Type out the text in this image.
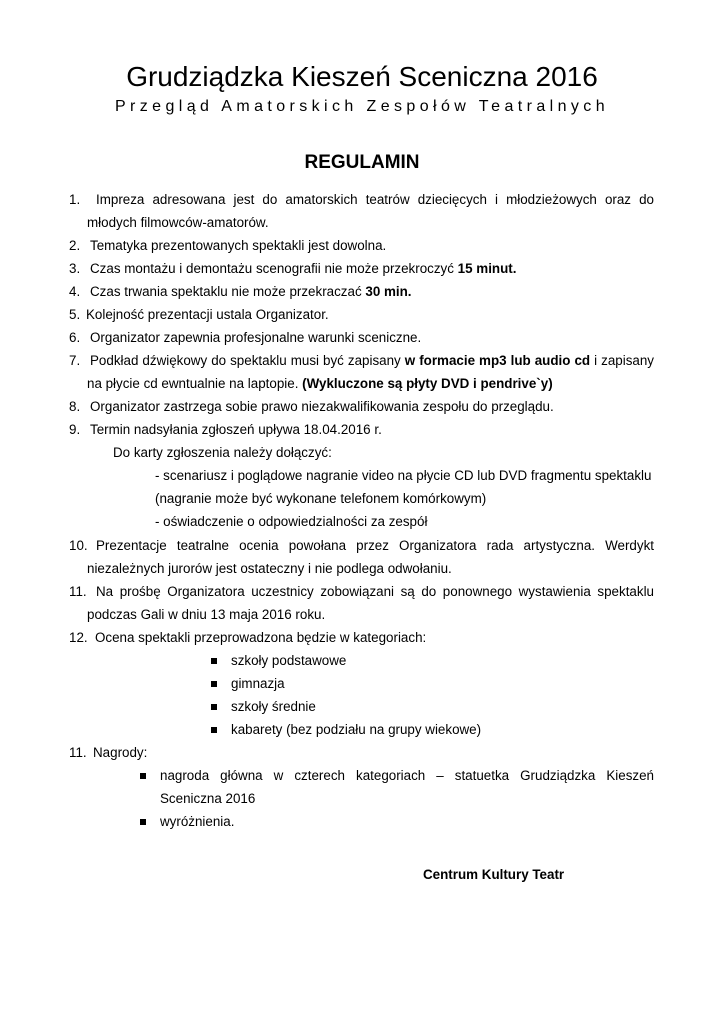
Grudziądzka Kieszeń Sceniczna 2016
Przegląd Amatorskich Zespołów Teatralnych
REGULAMIN
1. Impreza adresowana jest do amatorskich teatrów dziecięcych i młodzieżowych oraz do
młodych filmowców-amatorów.
2. Tematyka prezentowanych spektakli jest dowolna.
3. Czas montażu i demontażu scenografii nie może przekroczyć 15 minut.
4. Czas trwania spektaklu nie może przekraczać 30 min.
5. Kolejność prezentacji ustala Organizator.
6. Organizator zapewnia profesjonalne warunki sceniczne.
7. Podkład dźwiękowy do spektaklu musi być zapisany w formacie mp3 lub audio cd i zapisany
na płycie cd ewntualnie na laptopie. (Wykluczone są płyty DVD i pendrive`y)
8. Organizator zastrzega sobie prawo niezakwalifikowania zespołu do przeglądu.
9. Termin nadsyłania zgłoszeń upływa 18.04.2016 r.
Do karty zgłoszenia należy dołączyć:
- scenariusz i poglądowe nagranie video na płycie CD lub DVD fragmentu spektaklu
(nagranie może być wykonane telefonem komórkowym)
- oświadczenie o odpowiedzialności za zespół
10. Prezentacje teatralne ocenia powołana przez Organizatora rada artystyczna. Werdykt
niezależnych jurorów jest ostateczny i nie podlega odwołaniu.
11. Na prośbę Organizatora uczestnicy zobowiązani są do ponownego wystawienia spektaklu
podczas Gali w dniu 13 maja 2016 roku.
12. Ocena spektakli przeprowadzona będzie w kategoriach:
szkoły podstawowe
gimnazja
szkoły średnie
kabarety (bez podziału na grupy wiekowe)
11. Nagrody:
nagroda główna w czterech kategoriach – statuetka Grudziądzka Kieszeń
Sceniczna 2016
wyróżnienia.
Centrum Kultury Teatr
